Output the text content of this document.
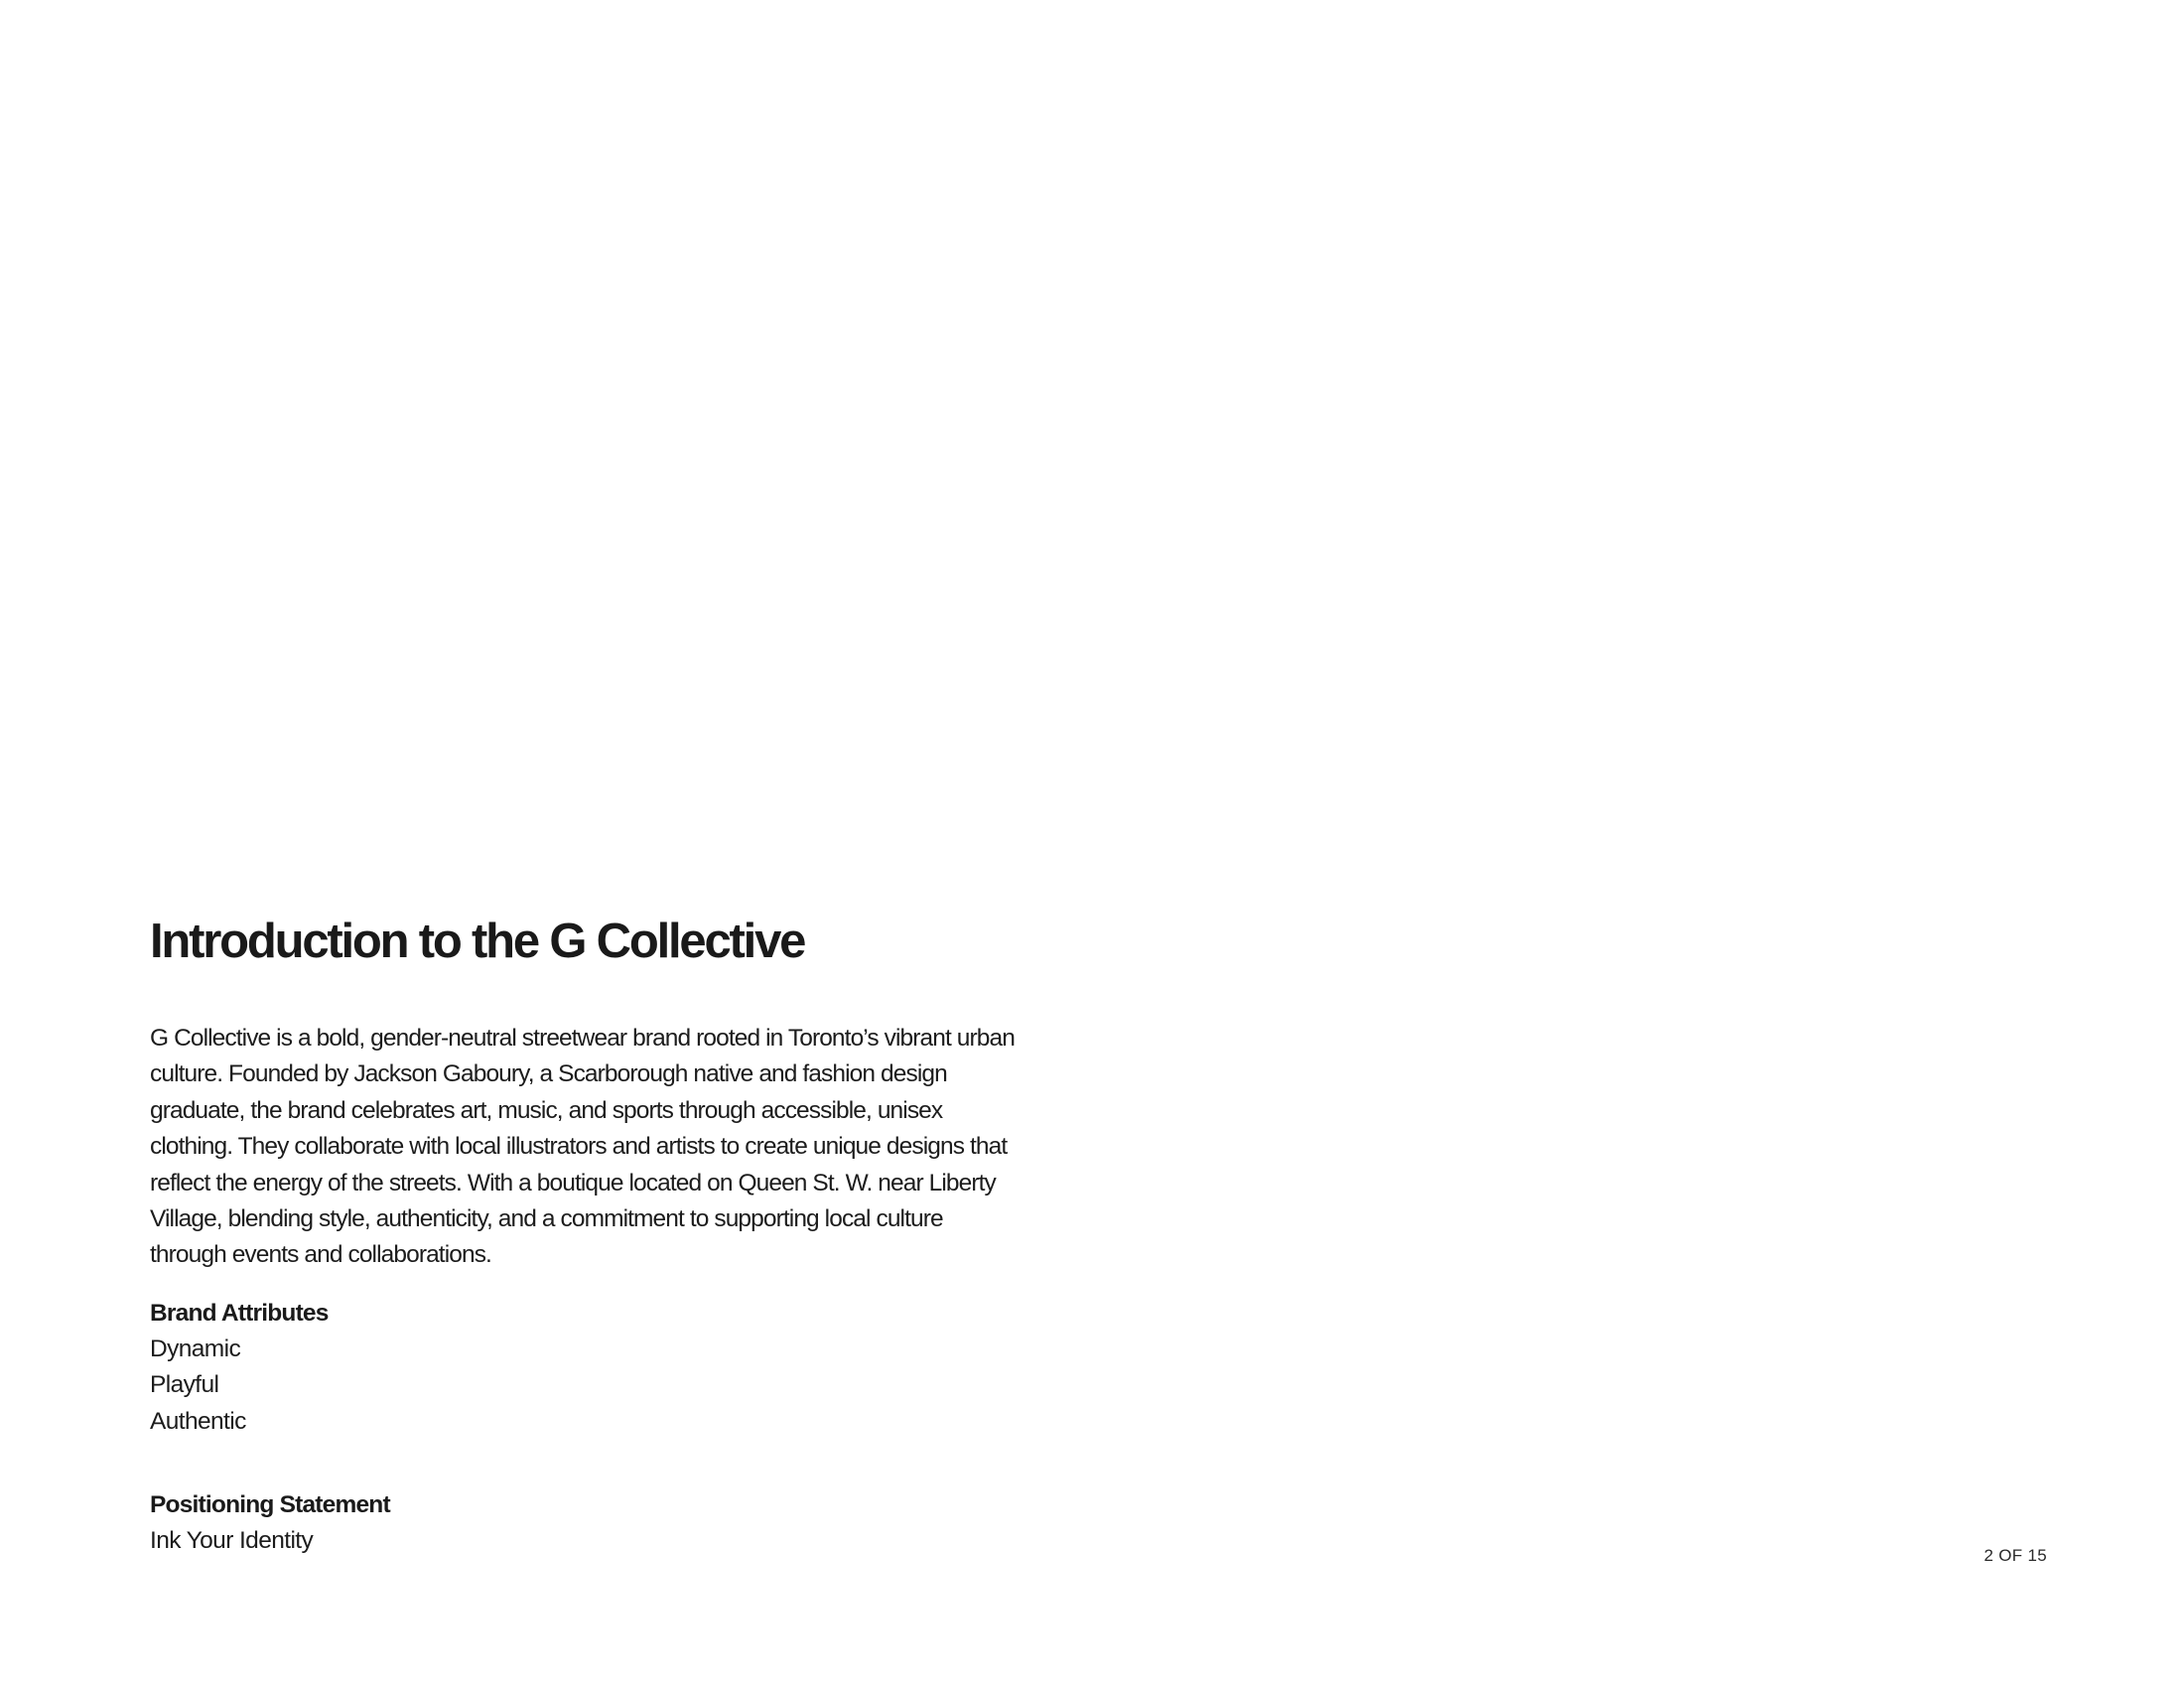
Introduction to the G Collective

G Collective is a bold, gender-neutral streetwear brand rooted in Toronto’s vibrant urban culture. Founded by Jackson Gaboury, a Scarborough native and fashion design graduate, the brand celebrates art, music, and sports through accessible, unisex clothing. They collaborate with local illustrators and artists to create unique designs that reflect the energy of the streets. With a boutique located on Queen St. W. near Liberty Village, blending style, authenticity, and a commitment to supporting local culture through events and collaborations.

Brand Attributes
Dynamic
Playful
Authentic
Positioning Statement
Ink Your Identity
2 OF 15
